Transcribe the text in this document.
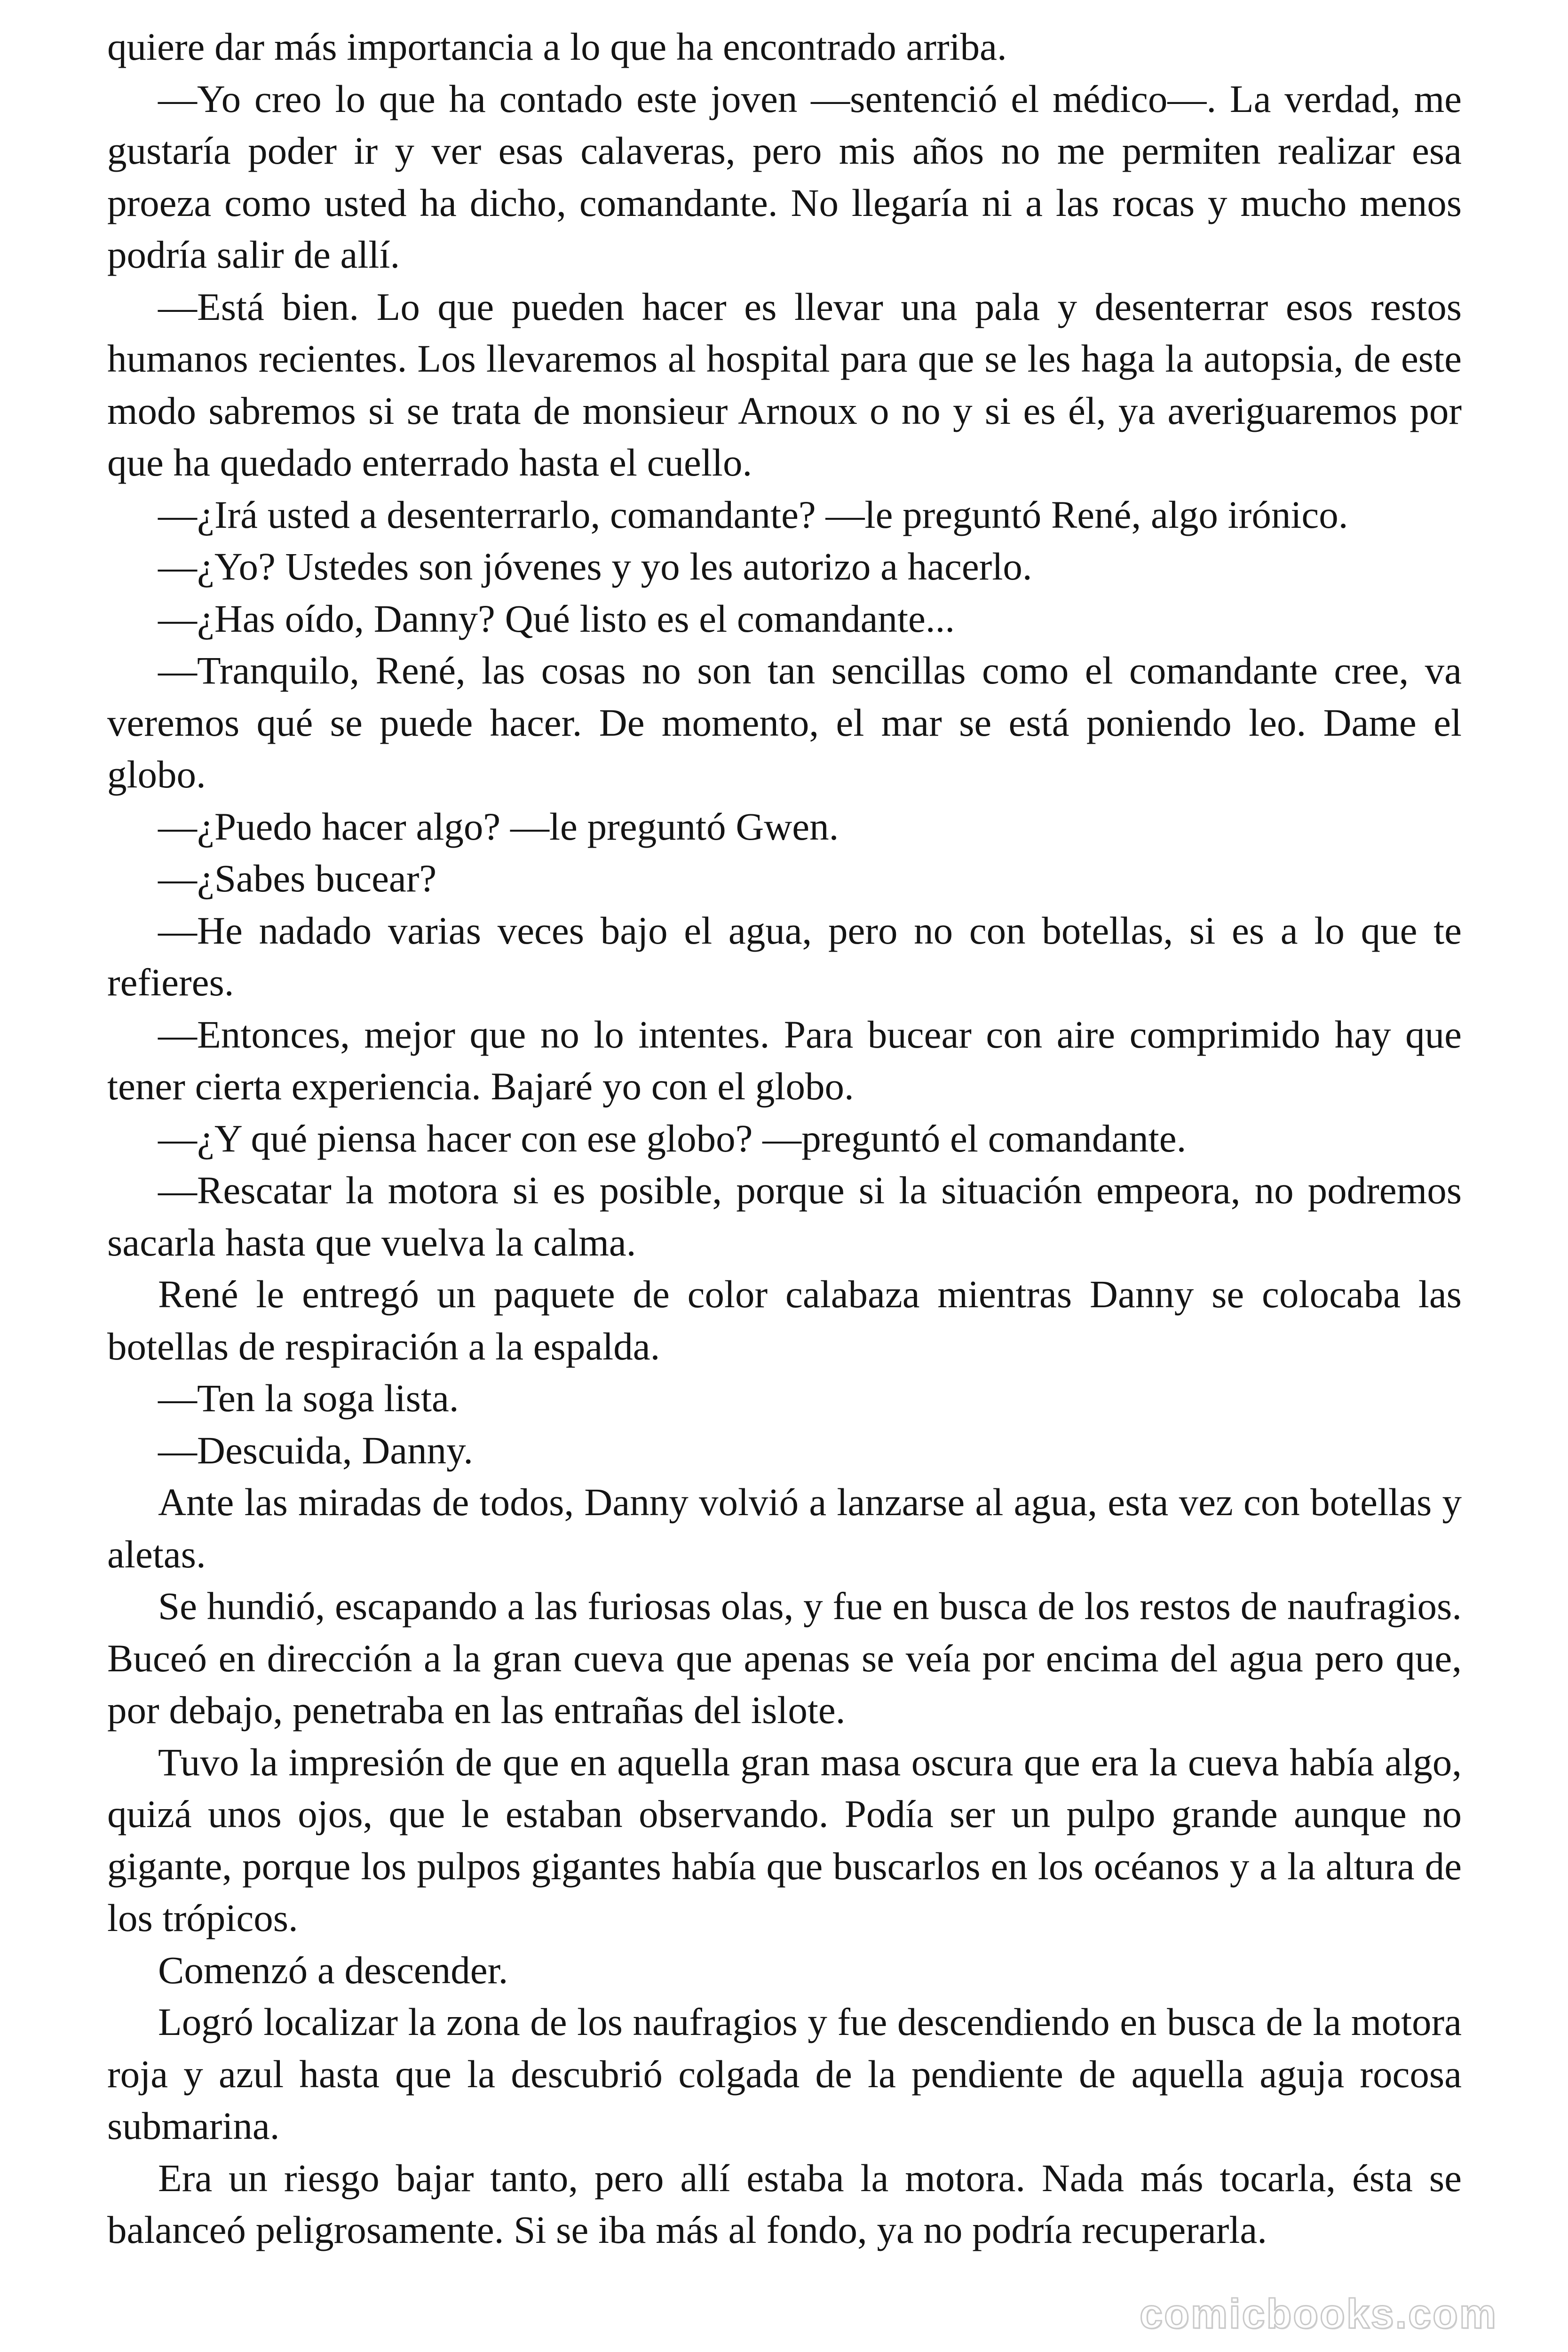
quiere dar más importancia a lo que ha encontrado arriba.

—Yo creo lo que ha contado este joven —sentenció el médico—. La verdad, me gustaría poder ir y ver esas calaveras, pero mis años no me permiten realizar esa proeza como usted ha dicho, comandante. No llegaría ni a las rocas y mucho menos podría salir de allí.

—Está bien. Lo que pueden hacer es llevar una pala y desenterrar esos restos humanos recientes. Los llevaremos al hospital para que se les haga la autopsia, de este modo sabremos si se trata de monsieur Arnoux o no y si es él, ya averiguaremos por que ha quedado enterrado hasta el cuello.

—¿Irá usted a desenterrarlo, comandante? —le preguntó René, algo irónico.

—¿Yo? Ustedes son jóvenes y yo les autorizo a hacerlo.

—¿Has oído, Danny? Qué listo es el comandante...

—Tranquilo, René, las cosas no son tan sencillas como el comandante cree, va veremos qué se puede hacer. De momento, el mar se está poniendo leo. Dame el globo.

—¿Puedo hacer algo? —le preguntó Gwen.

—¿Sabes bucear?

—He nadado varias veces bajo el agua, pero no con botellas, si es a lo que te refieres.

—Entonces, mejor que no lo intentes. Para bucear con aire comprimido hay que tener cierta experiencia. Bajaré yo con el globo.

—¿Y qué piensa hacer con ese globo? —preguntó el comandante.

—Rescatar la motora si es posible, porque si la situación empeora, no podremos sacarla hasta que vuelva la calma.

René le entregó un paquete de color calabaza mientras Danny se colocaba las botellas de respiración a la espalda.

—Ten la soga lista.

—Descuida, Danny.

Ante las miradas de todos, Danny volvió a lanzarse al agua, esta vez con botellas y aletas.

Se hundió, escapando a las furiosas olas, y fue en busca de los restos de naufragios. Buceó en dirección a la gran cueva que apenas se veía por encima del agua pero que, por debajo, penetraba en las entrañas del islote.

Tuvo la impresión de que en aquella gran masa oscura que era la cueva había algo, quizá unos ojos, que le estaban observando. Podía ser un pulpo grande aunque no gigante, porque los pulpos gigantes había que buscarlos en los océanos y a la altura de los trópicos.

Comenzó a descender.

Logró localizar la zona de los naufragios y fue descendiendo en busca de la motora roja y azul hasta que la descubrió colgada de la pendiente de aquella aguja rocosa submarina.

Era un riesgo bajar tanto, pero allí estaba la motora. Nada más tocarla, ésta se balanceó peligrosamente. Si se iba más al fondo, ya no podría recuperarla.

comicbooks.com
